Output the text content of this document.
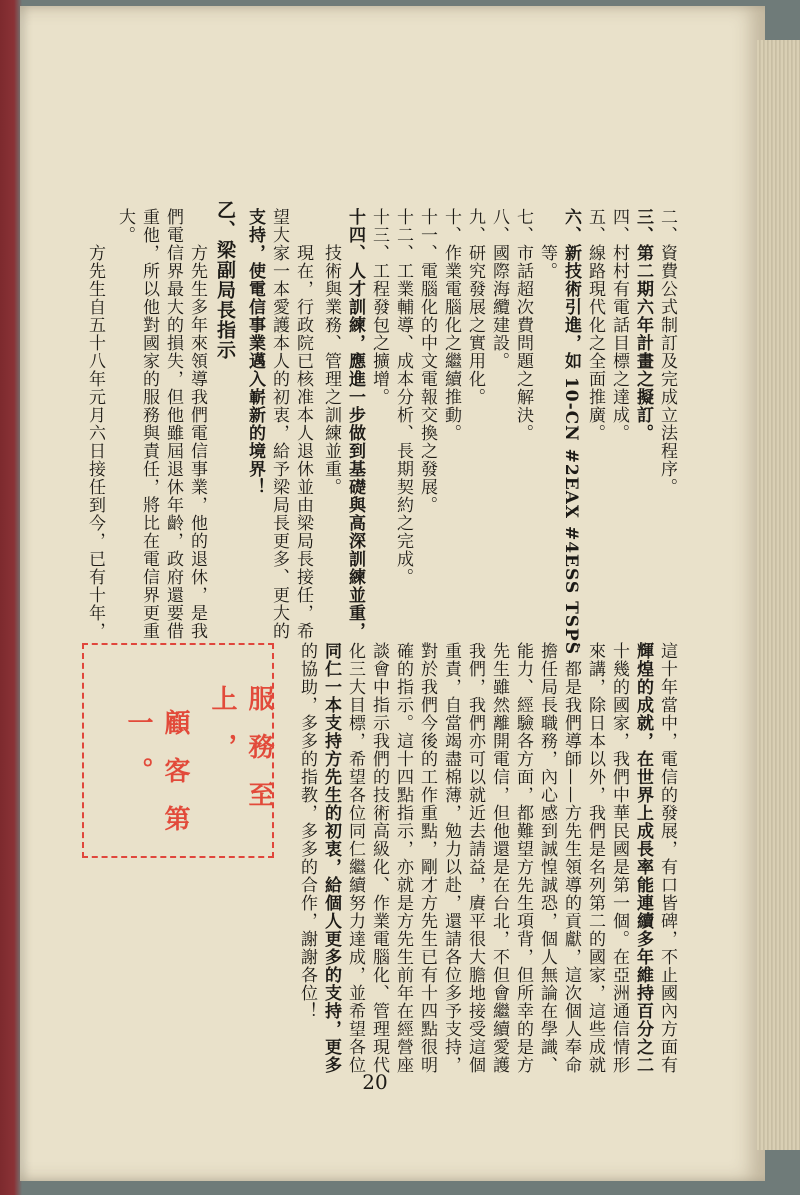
二、資費公式制訂及完成立法程序。
三、第二期六年計畫之擬訂。
四、村村有電話目標之達成。
五、線路現代化之全面推廣。
六、新技術引進，如 10-CN #2EAX #4ESS TSPS
　　等。
七、市話超次費問題之解決。
八、國際海纜建設。
九、研究發展之實用化。
十、作業電腦化之繼續推動。
十一、電腦化的中文電報交換之發展。
十二、工業輔導、成本分析、長期契約之完成。
十三、工程發包之擴增。
十四、人才訓練，應進一步做到基礎與高深訓練並重，
　　技術與業務、管理之訓練並重。
　　現在，行政院已核准本人退休並由梁局長接任，希
望大家一本愛護本人的初衷，給予梁局長更多、更大的
支持，使電信事業邁入嶄新的境界！
乙、梁副局長指示
　　方先生多年來領導我們電信事業，他的退休，是我
們電信界最大的損失，但他雖屆退休年齡，政府還要借
重他，所以他對國家的服務與責任，將比在電信界更重
大。
　　方先生自五十八年元月六日接任到今，已有十年，
這十年當中，電信的發展，有口皆碑，不止國內方面有
輝煌的成就，在世界上成長率能連續多年維持百分之二
十幾的國家，我們中華民國是第一個。在亞洲通信情形
來講，除日本以外，我們是名列第二的國家，這些成就
，都是我們導師——方先生領導的貢獻，這次個人奉命
擔任局長職務，內心感到誠惶誠恐，個人無論在學識、
能力、經驗各方面，都難望方先生項背，但所幸的是方
先生雖然離開電信，但他還是在台北，不但會繼續愛護
我們，我們亦可以就近去請益，賡平很大膽地接受這個
重責，自當竭盡棉薄，勉力以赴，還請各位多予支持，
對於我們今後的工作重點，剛才方先生已有十四點很明
確的指示。這十四點指示，亦就是方先生前年在經營座
談會中指示我們的技術高級化、作業電腦化、管理現代
化三大目標，希望各位同仁繼續努力達成，並希望各位
同仁一本支持方先生的初衷，給個人更多的支持，更多
的協助，多多的指教，多多的合作，謝謝各位！
服務至上，
顧客第一。
20
